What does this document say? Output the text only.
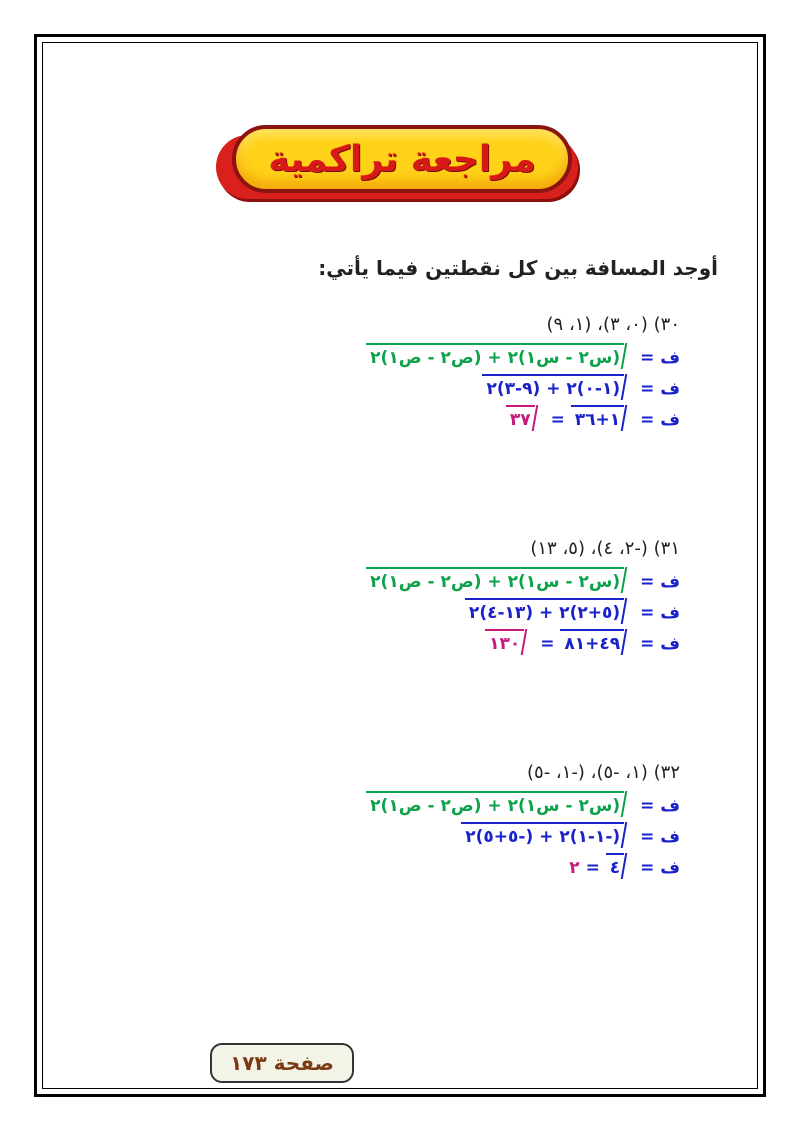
مراجعة تراكمية
أوجد المسافة بين كل نقطتين فيما يأتي:
٣٠) (٠، ٣)، (١، ٩)
ف = (س٢ - س١)٢ + (ص٢ - ص١)٢
ف = (١-٠)٢ + (٩-٣)٢
ف = ١+٣٦ = ٣٧
٣١) (-٢، ٤)، (٥، ١٣)
ف = (س٢ - س١)٢ + (ص٢ - ص١)٢
ف = (٥+٢)٢ + (١٣-٤)٢
ف = ٤٩+٨١ = ١٣٠
٣٢) (١، -٥)، (-١، -٥)
ف = (س٢ - س١)٢ + (ص٢ - ص١)٢
ف = (-١-١)٢ + (-٥+٥)٢
ف = ٤ = ٢
صفحة ١٧٣
